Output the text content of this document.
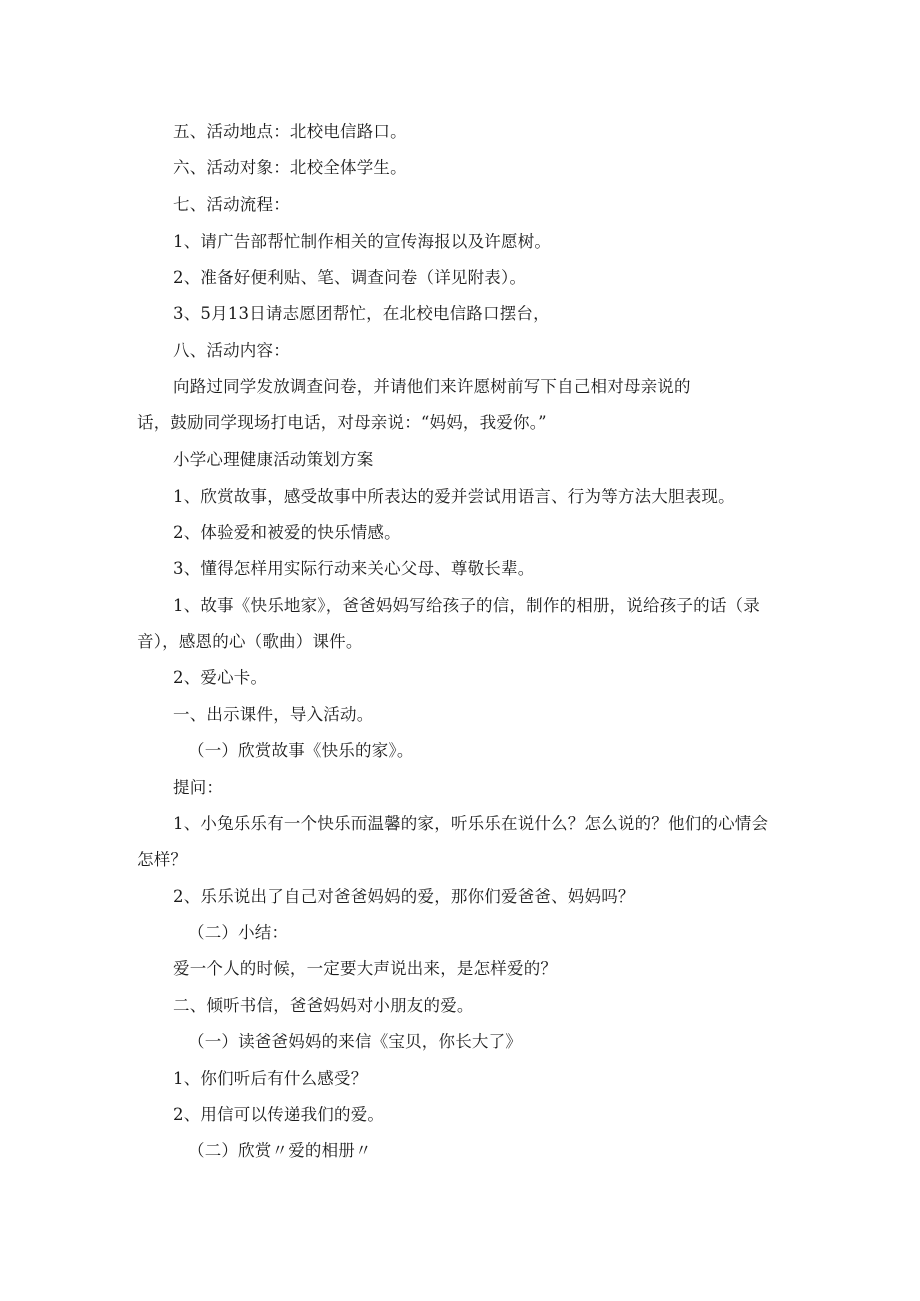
五、活动地点：北校电信路口。
六、活动对象：北校全体学生。
七、活动流程：
1、请广告部帮忙制作相关的宣传海报以及许愿树。
2、准备好便利贴、笔、调查问卷（详见附表）。
3、5月13日请志愿团帮忙，在北校电信路口摆台，
八、活动内容：
向路过同学发放调查问卷，并请他们来许愿树前写下自己相对母亲说的
话，鼓励同学现场打电话，对母亲说：“妈妈，我爱你。”
小学心理健康活动策划方案
1、欣赏故事，感受故事中所表达的爱并尝试用语言、行为等方法大胆表现。
2、体验爱和被爱的快乐情感。
3、懂得怎样用实际行动来关心父母、尊敬长辈。
1、故事《快乐地家》，爸爸妈妈写给孩子的信，制作的相册，说给孩子的话（录
音），感恩的心（歌曲）课件。
2、爱心卡。
一、出示课件，导入活动。
（一）欣赏故事《快乐的家》。
提问：
1、小兔乐乐有一个快乐而温馨的家，听乐乐在说什么？怎么说的？他们的心情会
怎样？
2、乐乐说出了自己对爸爸妈妈的爱，那你们爱爸爸、妈妈吗？
（二）小结：
爱一个人的时候，一定要大声说出来，是怎样爱的？
二、倾听书信，爸爸妈妈对小朋友的爱。
（一）读爸爸妈妈的来信《宝贝，你长大了》
1、你们听后有什么感受？
2、用信可以传递我们的爱。
（二）欣赏〃爱的相册〃
